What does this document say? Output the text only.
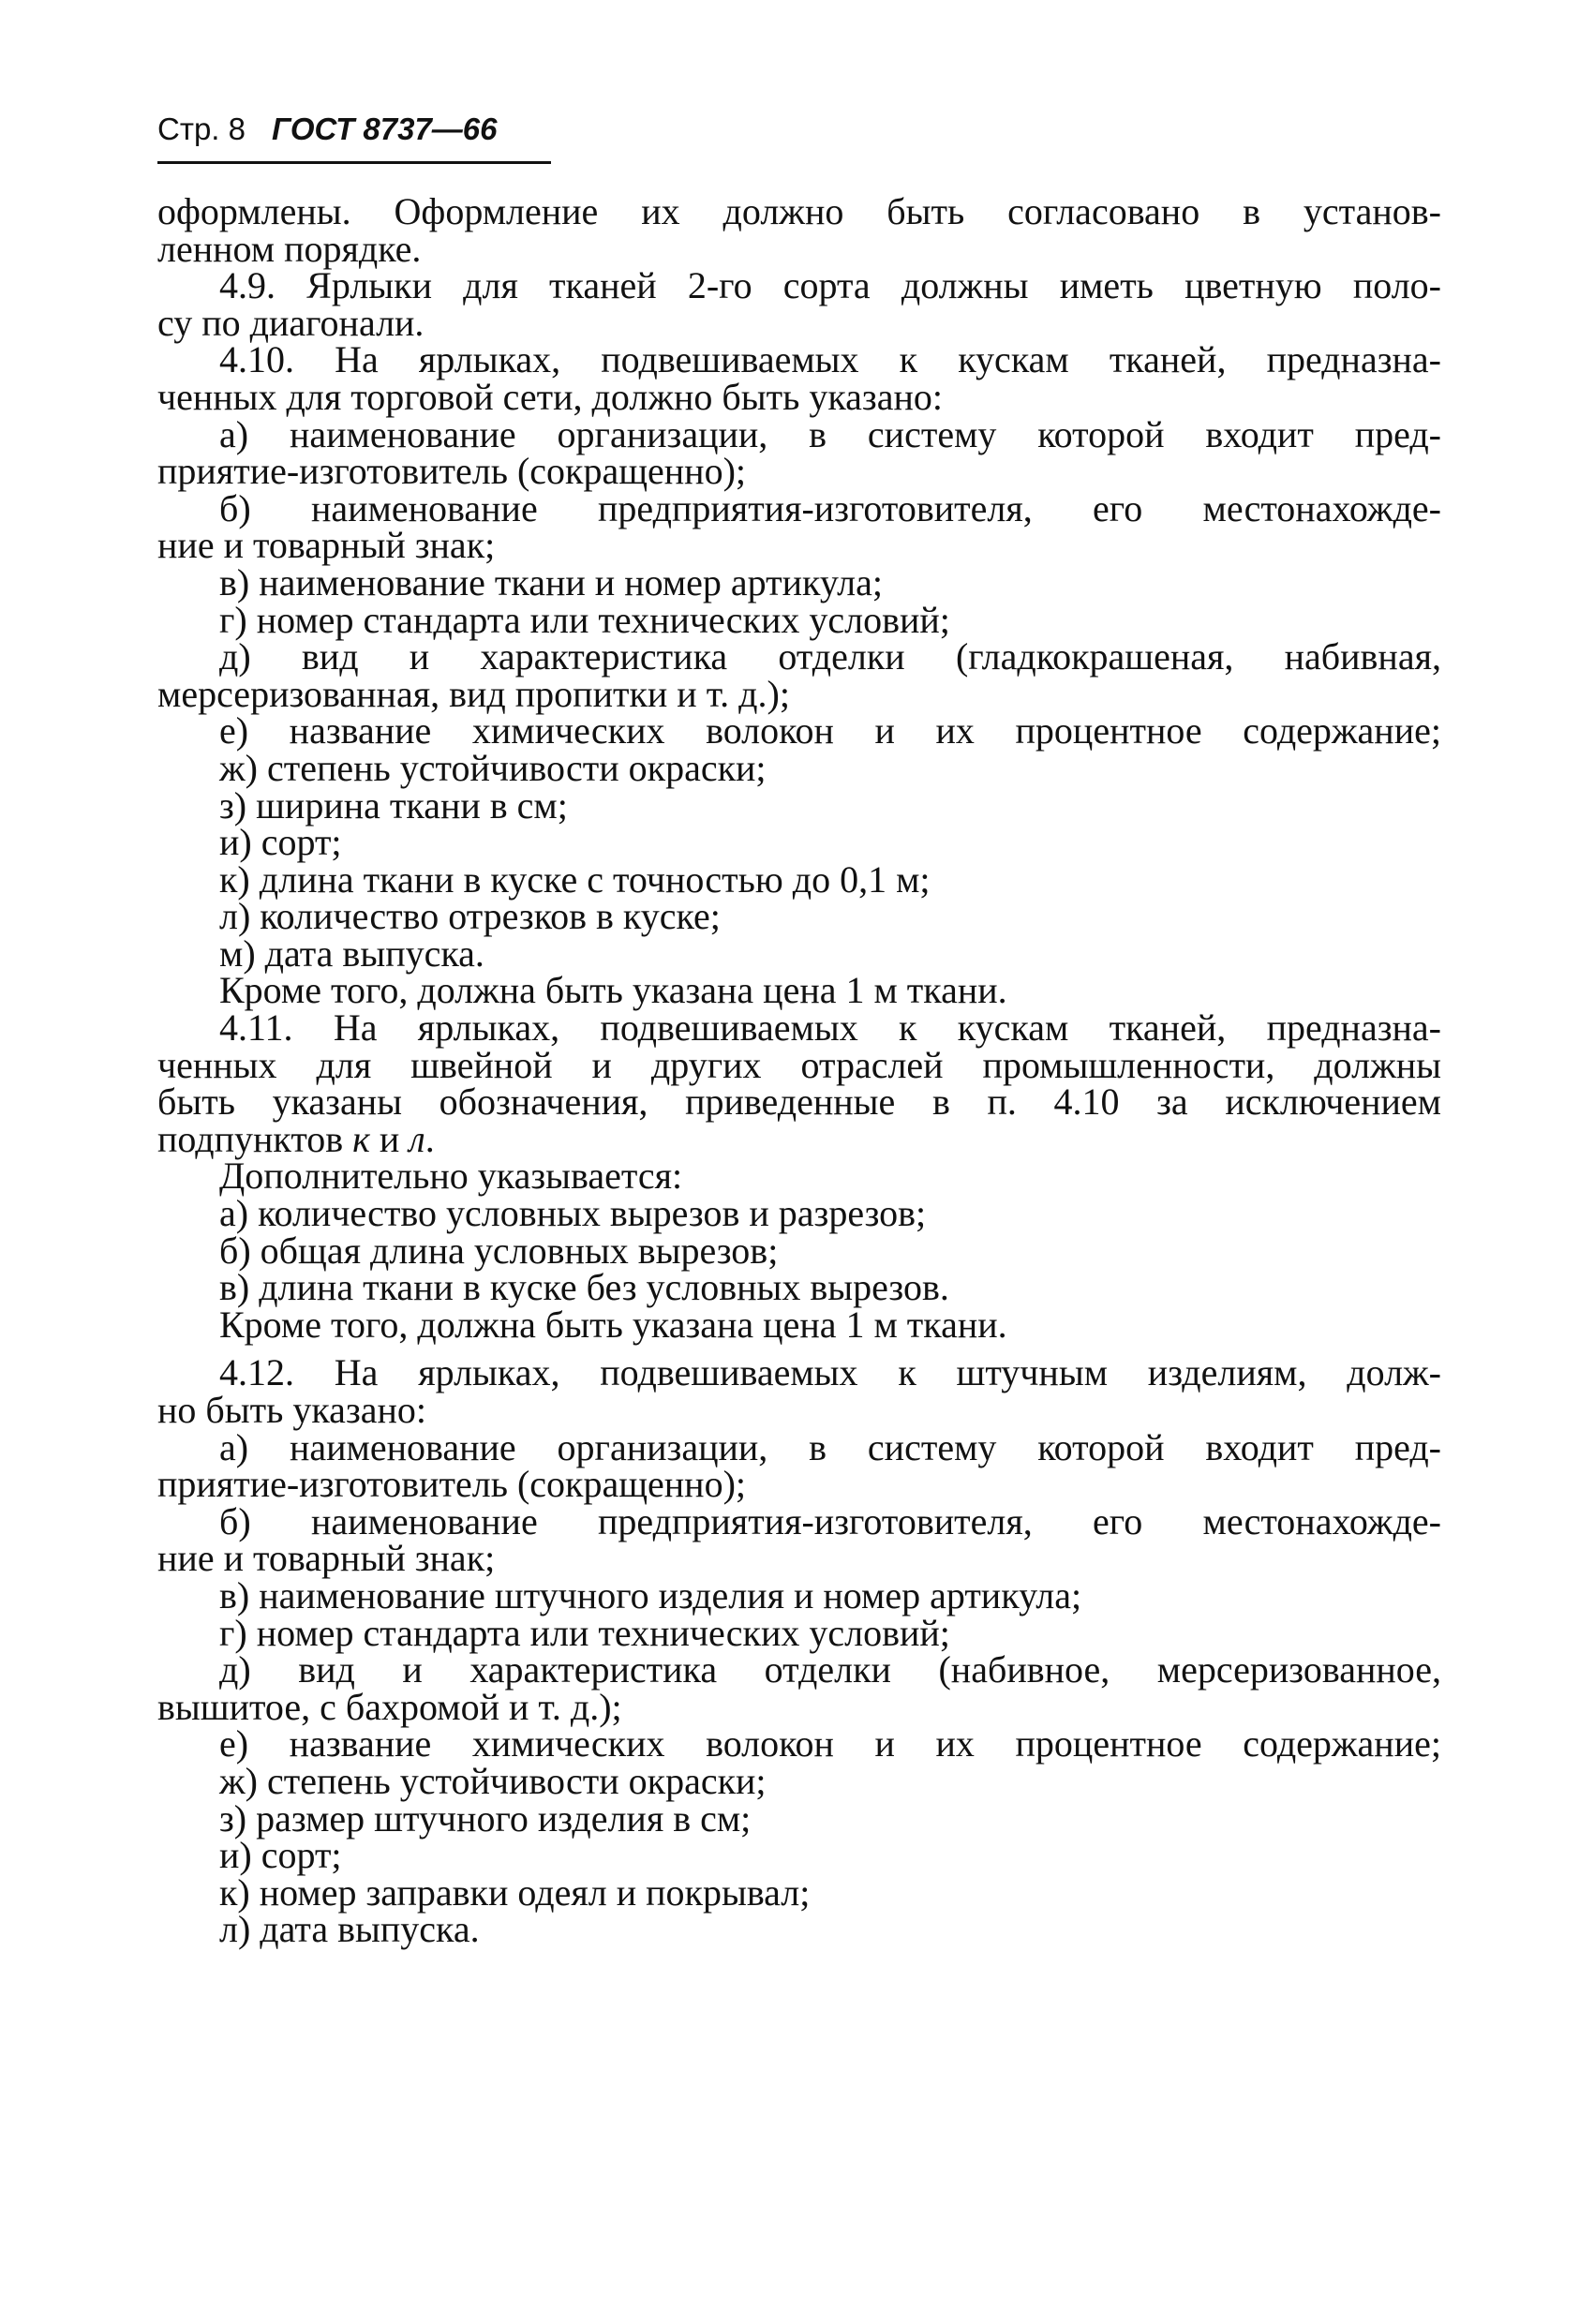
Стр. 8 ГОСТ 8737—66
оформлены. Оформление их должно быть согласовано в установ-
ленном порядке.
4.9. Ярлыки для тканей 2-го сорта должны иметь цветную полo-
су по диагонали.
4.10. На ярлыках, подвешиваемых к кускам тканей, предназна-
ченных для торговой сети, должно быть указано:
а) наименование организации, в систему которой входит пред-
приятие-изготовитель (сокращенно);
б) наименование предприятия-изготовителя, его местонахожде-
ние и товарный знак;
в) наименование ткани и номер артикула;
г) номер стандарта или технических условий;
д) вид и характеристика отделки (гладкокрашеная, набивная,
мерсеризованная, вид пропитки и т. д.);
е) название химических волокон и их процентное содержание;
ж) степень устойчивости окраски;
з) ширина ткани в см;
и) сорт;
к) длина ткани в куске с точностью до 0,1 м;
л) количество отрезков в куске;
м) дата выпуска.
Кроме того, должна быть указана цена 1 м ткани.
4.11. На ярлыках, подвешиваемых к кускам тканей, предназна-
ченных для швейной и других отраслей промышленности, должны
быть указаны обозначения, приведенные в п. 4.10 за исключением
подпунктов к и л.
Дополнительно указывается:
а) количество условных вырезов и разрезов;
б) общая длина условных вырезов;
в) длина ткани в куске без условных вырезов.
Кроме того, должна быть указана цена 1 м ткани.
4.12. На ярлыках, подвешиваемых к штучным изделиям, долж-
но быть указано:
а) наименование организации, в систему которой входит пред-
приятие-изготовитель (сокращенно);
б) наименование предприятия-изготовителя, его местонахожде-
ние и товарный знак;
в) наименование штучного изделия и номер артикула;
г) номер стандарта или технических условий;
д) вид и характеристика отделки (набивное, мерсеризованное,
вышитое, с бахромой и т. д.);
е) название химических волокон и их процентное содержание;
ж) степень устойчивости окраски;
з) размер штучного изделия в см;
и) сорт;
к) номер заправки одеял и покрывал;
л) дата выпуска.
